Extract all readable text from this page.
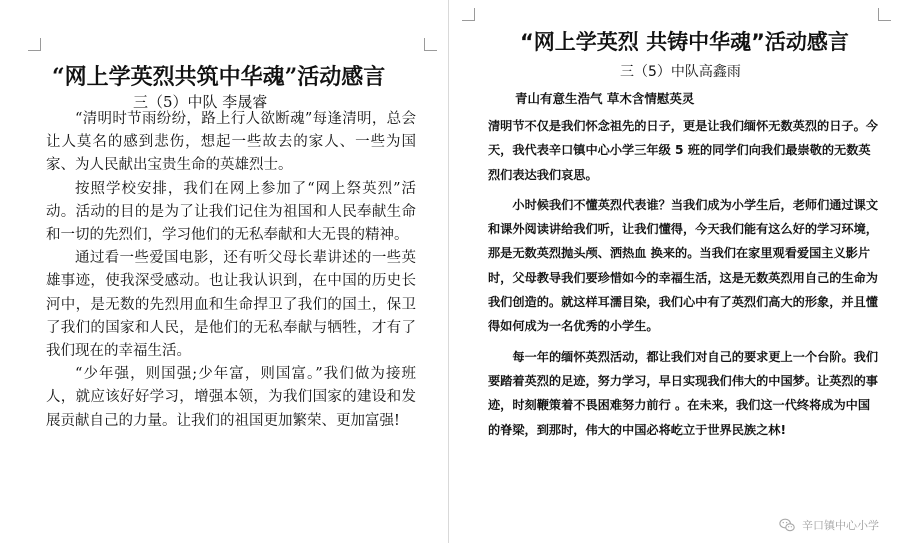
“网上学英烈共筑中华魂”活动感言
三（5）中队 李晟睿

“清明时节雨纷纷，路上行人欲断魂”每逢清明，总会让人莫名的感到悲伤，想起一些故去的家人、一些为国家、为人民献出宝贵生命的英雄烈士。

按照学校安排，我们在网上参加了“网上祭英烈”活动。活动的目的是为了让我们记住为祖国和人民奉献生命和一切的先烈们，学习他们的无私奉献和大无畏的精神。

通过看一些爱国电影，还有听父母长辈讲述的一些英雄事迹，使我深受感动。也让我认识到，在中国的历史长河中，是无数的先烈用血和生命捍卫了我们的国土，保卫了我们的国家和人民，是他们的无私奉献与牺牲，才有了我们现在的幸福生活。

“少年强，则国强;少年富，则国富。”我们做为接班人，就应该好好学习，增强本领，为我们国家的建设和发展贡献自己的力量。让我们的祖国更加繁荣、更加富强!

“网上学英烈 共铸中华魂”活动感言
三（5）中队高鑫雨
青山有意生浩气 草木含情慰英灵

清明节不仅是我们怀念祖先的日子，更是让我们缅怀无数英烈的日子。今天，我代表辛口镇中心小学三年级 5 班的同学们向我们最崇敬的无数英烈们表达我们哀思。

小时候我们不懂英烈代表谁？当我们成为小学生后，老师们通过课文和课外阅读讲给我们听，让我们懂得，今天我们能有这么好的学习环境，那是无数英烈抛头颅、洒热血 换来的。当我们在家里观看爱国主义影片时，父母教导我们要珍惜如今的幸福生活，这是无数英烈用自己的生命为我们创造的。就这样耳濡目染，我们心中有了英烈们高大的形象，并且懂得如何成为一名优秀的小学生。

每一年的缅怀英烈活动，都让我们对自己的要求更上一个台阶。我们要踏着英烈的足迹，努力学习，早日实现我们伟大的中国梦。让英烈的事迹，时刻鞭策着不畏困难努力前行 。在未来，我们这一代终将成为中国的脊梁，到那时，伟大的中国必将屹立于世界民族之林!

辛口镇中心小学
